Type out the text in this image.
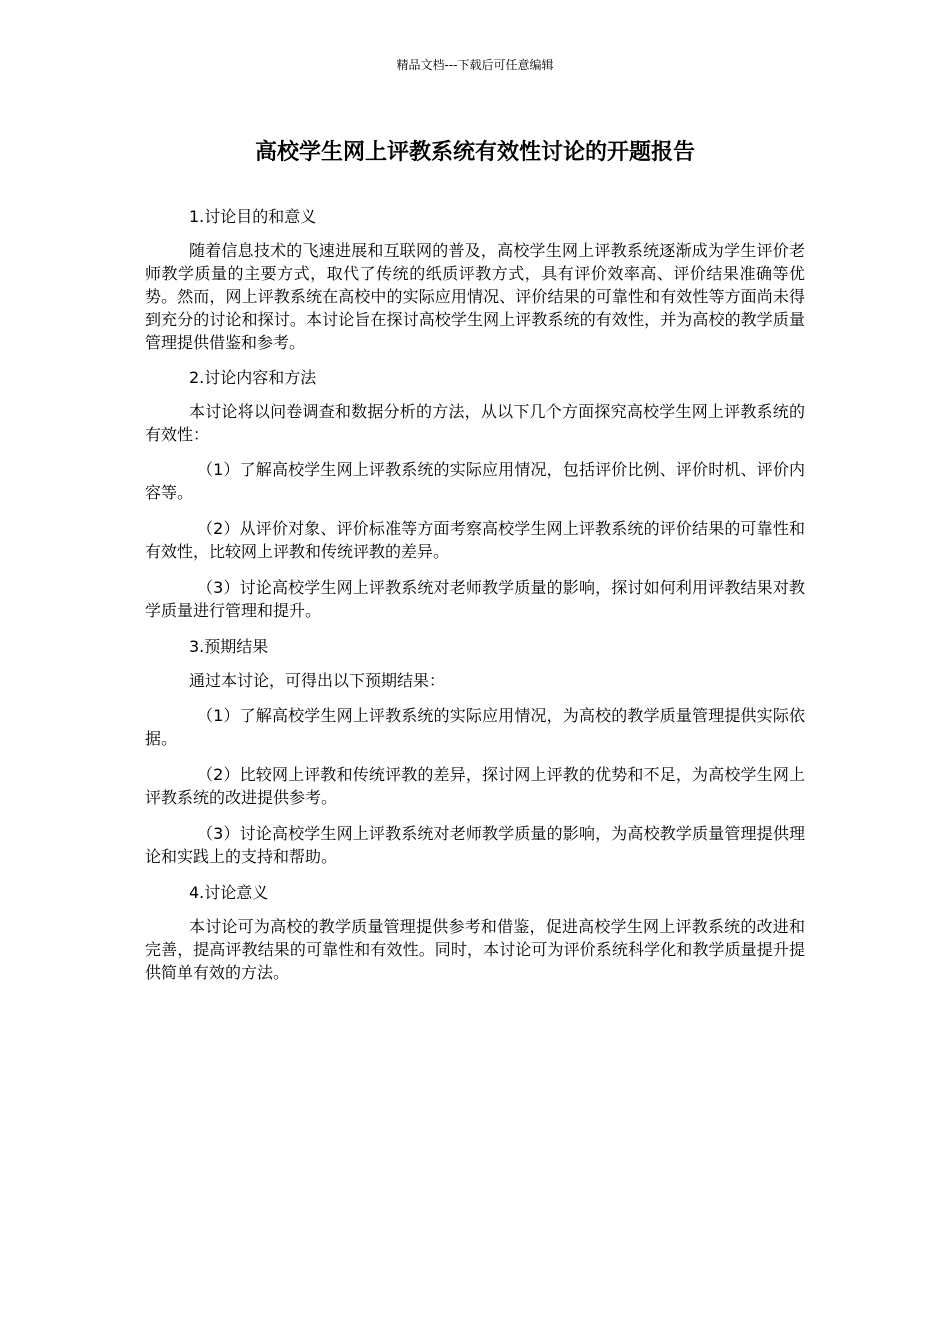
精品文档---下载后可任意编辑
高校学生网上评教系统有效性讨论的开题报告

1.讨论目的和意义

随着信息技术的飞速进展和互联网的普及，高校学生网上评教系统逐渐成为学生评价老师教学质量的主要方式，取代了传统的纸质评教方式，具有评价效率高、评价结果准确等优势。然而，网上评教系统在高校中的实际应用情况、评价结果的可靠性和有效性等方面尚未得到充分的讨论和探讨。本讨论旨在探讨高校学生网上评教系统的有效性，并为高校的教学质量管理提供借鉴和参考。

2.讨论内容和方法

本讨论将以问卷调查和数据分析的方法，从以下几个方面探究高校学生网上评教系统的有效性：

（1）了解高校学生网上评教系统的实际应用情况，包括评价比例、评价时机、评价内容等。

（2）从评价对象、评价标准等方面考察高校学生网上评教系统的评价结果的可靠性和有效性，比较网上评教和传统评教的差异。

（3）讨论高校学生网上评教系统对老师教学质量的影响，探讨如何利用评教结果对教学质量进行管理和提升。

3.预期结果

通过本讨论，可得出以下预期结果：

（1）了解高校学生网上评教系统的实际应用情况，为高校的教学质量管理提供实际依据。

（2）比较网上评教和传统评教的差异，探讨网上评教的优势和不足，为高校学生网上评教系统的改进提供参考。

（3）讨论高校学生网上评教系统对老师教学质量的影响，为高校教学质量管理提供理论和实践上的支持和帮助。

4.讨论意义

本讨论可为高校的教学质量管理提供参考和借鉴，促进高校学生网上评教系统的改进和完善，提高评教结果的可靠性和有效性。同时，本讨论可为评价系统科学化和教学质量提升提供简单有效的方法。
